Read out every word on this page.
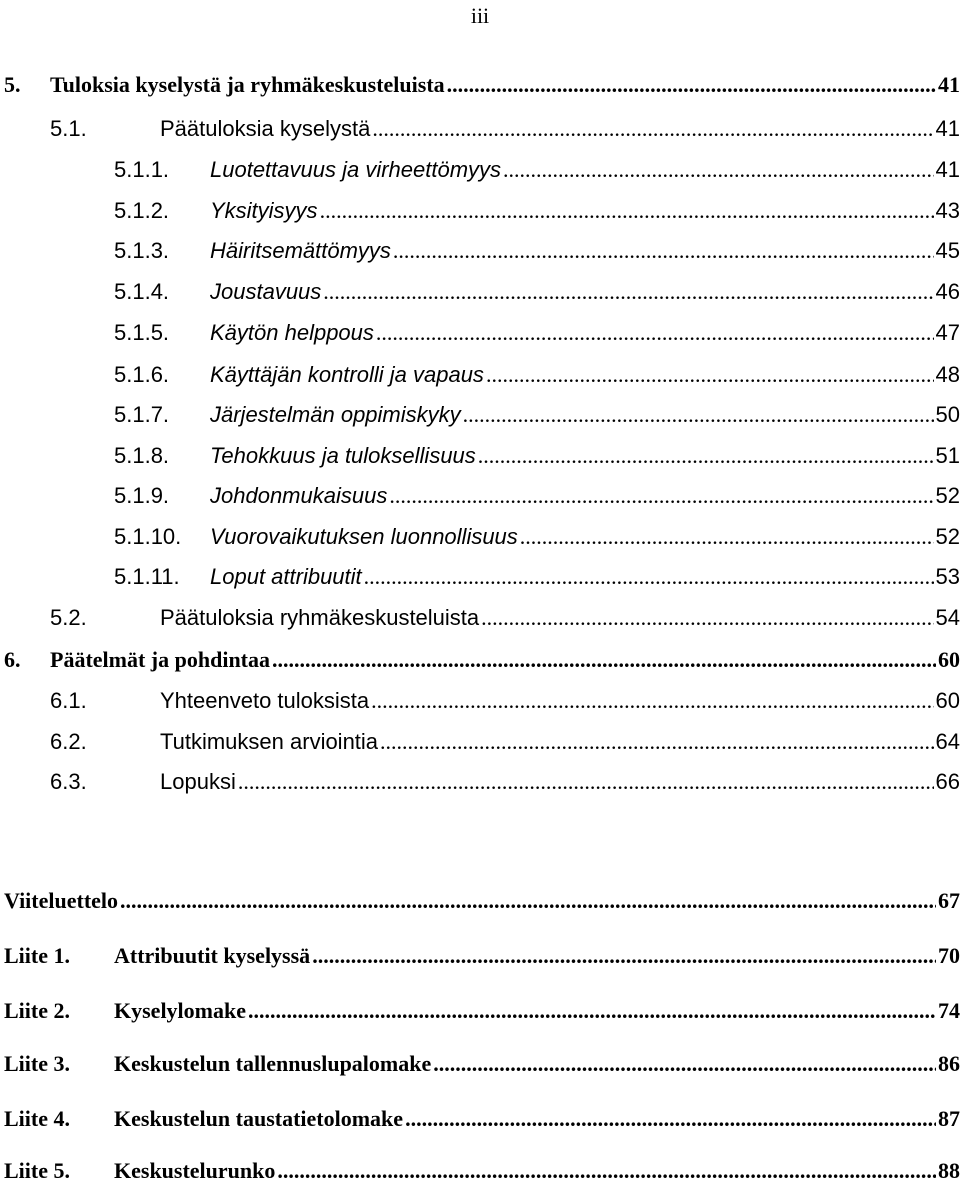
iii
5.	Tuloksia kyselystä ja ryhmäkeskusteluista .....	41
5.1.	Päätuloksia kyselystä .....	41
5.1.1.	Luotettavuus ja virheettömyys .....	41
5.1.2.	Yksityisyys .....	43
5.1.3.	Häiritsemättömyys .....	45
5.1.4.	Joustavuus .....	46
5.1.5.	Käytön helppous .....	47
5.1.6.	Käyttäjän kontrolli ja vapaus .....	48
5.1.7.	Järjestelmän oppimiskyky .....	50
5.1.8.	Tehokkuus ja tuloksellisuus .....	51
5.1.9.	Johdonmukaisuus .....	52
5.1.10.	Vuorovaikutuksen luonnollisuus .....	52
5.1.11.	Loput attribuutit .....	53
5.2.	Päätuloksia ryhmäkeskusteluista .....	54
6.	Päätelmät ja pohdintaa .....	60
6.1.	Yhteenveto tuloksista .....	60
6.2.	Tutkimuksen arviointia .....	64
6.3.	Lopuksi .....	66
Viiteluettelo .....	67
Liite 1.	Attribuutit kyselyssä .....	70
Liite 2.	Kyselylomake .....	74
Liite 3.	Keskustelun tallennuslupalomake .....	86
Liite 4.	Keskustelun taustatietolomake .....	87
Liite 5.	Keskustelurunko .....	88
